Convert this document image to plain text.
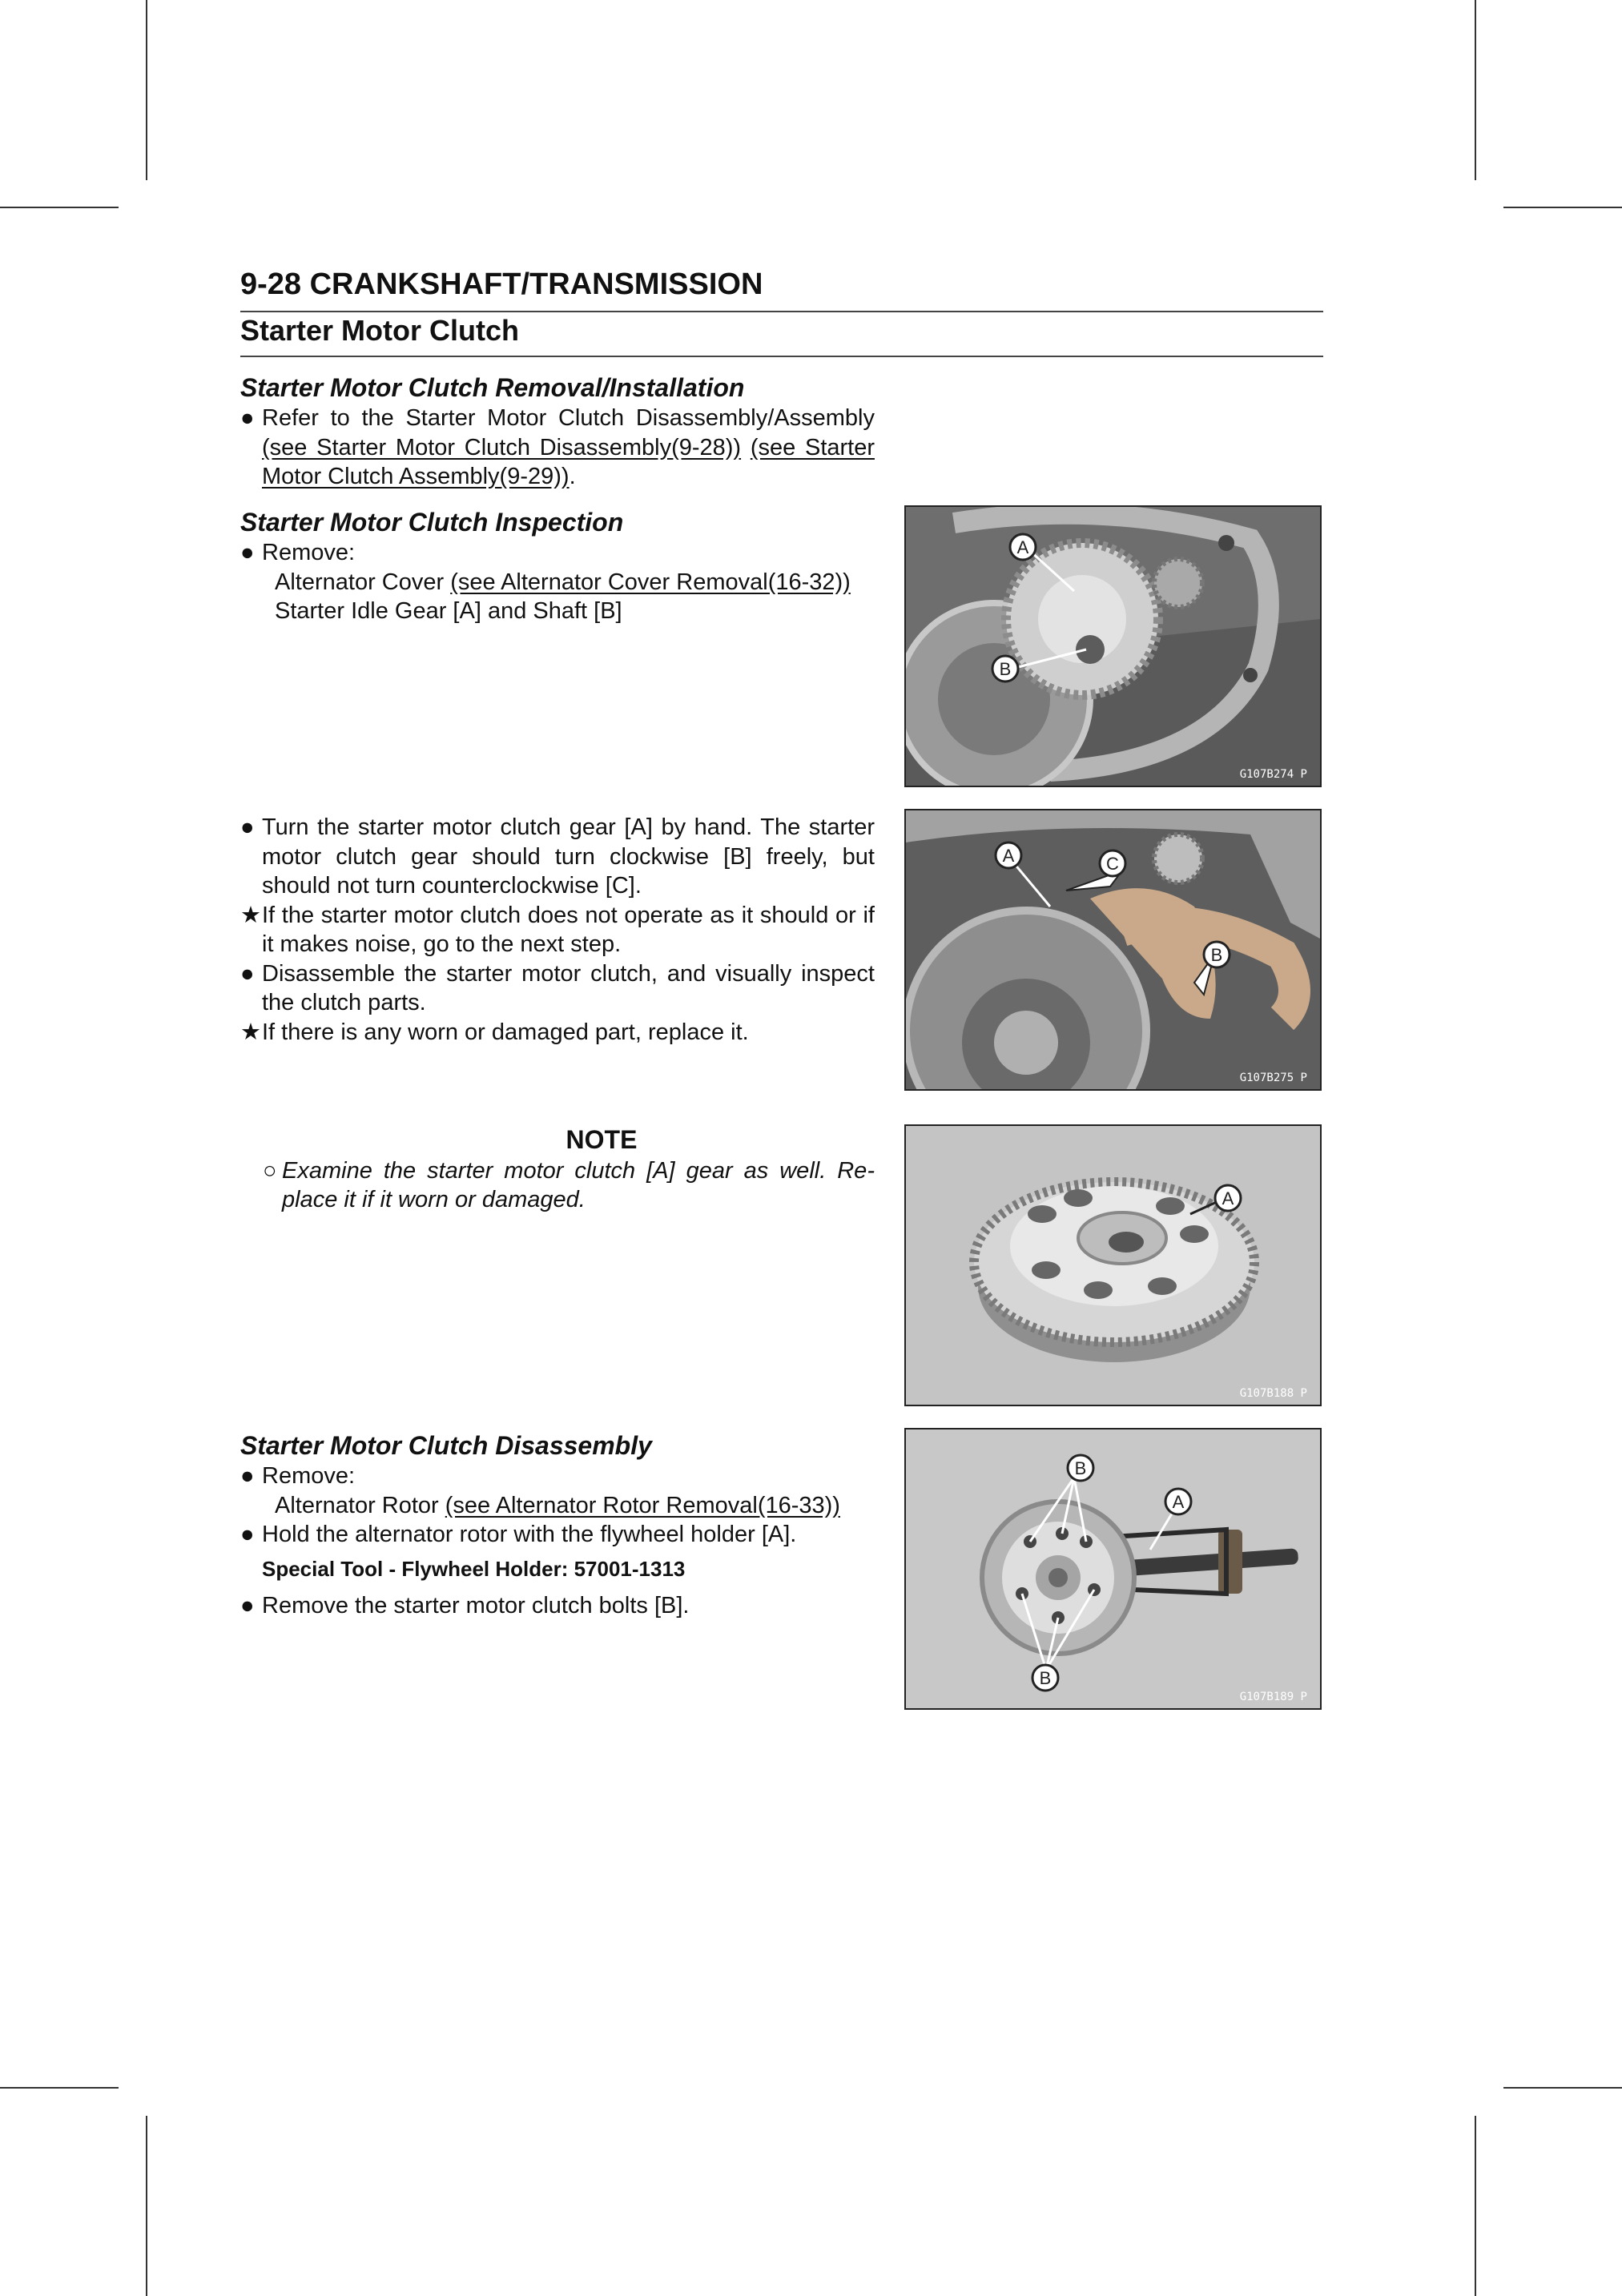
9-28 CRANKSHAFT/TRANSMISSION
Starter Motor Clutch

Starter Motor Clutch Removal/Installation

● Refer to the Starter Motor Clutch Disassembly/Assembly (see Starter Motor Clutch Disassembly(9-28)) (see Starter Motor Clutch Assembly(9-29)).

Starter Motor Clutch Inspection

● Remove:

Alternator Cover (see Alternator Cover Removal(16-32))

Starter Idle Gear [A] and Shaft [B]

● Turn the starter motor clutch gear [A] by hand. The starter motor clutch gear should turn clockwise [B] freely, but should not turn counterclockwise [C].

★ If the starter motor clutch does not operate as it should or if it makes noise, go to the next step.

● Disassemble the starter motor clutch, and visually inspect the clutch parts.

★ If there is any worn or damaged part, replace it.

NOTE

○ Examine the starter motor clutch [A] gear as well. Replace it if it worn or damaged.

Starter Motor Clutch Disassembly

● Remove:

Alternator Rotor (see Alternator Rotor Removal(16-33))

● Hold the alternator rotor with the flywheel holder [A].

Special Tool - Flywheel Holder: 57001-1313

● Remove the starter motor clutch bolts [B].

A
B
G107B274 P
A	C
B
G107B275 P
A
G107B188 P
B
A
B
G107B189 P
